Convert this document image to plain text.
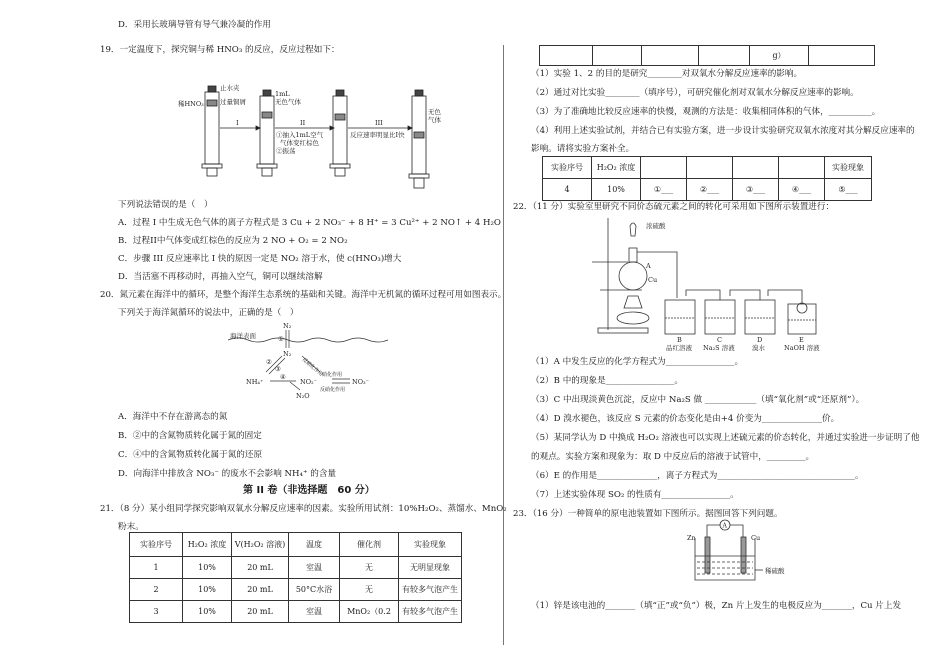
D．采用长玻璃导管有导气兼冷凝的作用
19．一定温度下，探究铜与稀 HNO₃ 的反应，反应过程如下：
止水夹
稀HNO₃ 过量铜屑
1mL
无色气体
I	II
①抽入1mL空气
气体变红棕色
②振荡
III
反应速率明显比I快
无色
气体
下列说法错误的是（　）
A．过程 I 中生成无色气体的离子方程式是 3 Cu + 2 NO₃⁻ + 8 H⁺ = 3 Cu²⁺ + 2 NO↑ + 4 H₂O
B．过程II中气体变成红棕色的反应为 2 NO + O₂ = 2 NO₂
C．步骤 III 反应速率比 I 快的原因一定是 NO₂ 溶于水，使 c(HNO₃)增大
D．当活塞不再移动时，再抽入空气，铜可以继续溶解
20．氮元素在海洋中的循环，是整个海洋生态系统的基础和关键。海洋中无机氮的循环过程可用如图表示。
下列关于海洋氮循环的说法中，正确的是（　）
N₂
海洋表面	①
N₂
②
③
④
NH₄⁺	NO₂⁻	NO₃⁻
N₂O
硝化作用
反硝化作用
反硝化作用
A．海洋中不存在游离态的氮
B．②中的含氮物质转化属于氮的固定
C．④中的含氮物质转化属于氮的还原
D．向海洋中排放含 NO₃⁻ 的废水不会影响 NH₄⁺ 的含量
第 II 卷（非选择题　60 分）
21．（8 分）某小组同学探究影响双氧水分解反应速率的因素。实验所用试剂：10%H₂O₂、蒸馏水、MnO₂
粉末。
实验序号	H₂O₂ 浓度	V(H₂O₂ 溶液)	温度	催化剂	实验现象
1	10%	20 mL	室温	无	无明显现象
2	10%	20 mL	50°C水浴	无	有较多气泡产生
3	10%	20 mL	室温	MnO₂（0.2	有较多气泡产生
				g）	
（1）实验 1、2 的目的是研究________对双氧水分解反应速率的影响。
（2）通过对比实验________（填序号），可研究催化剂对双氧水分解反应速率的影响。
（3）为了准确地比较反应速率的快慢，观测的方法是：收集相同体积的气体，__________。
（4）利用上述实验试剂，并结合已有实验方案，进一步设计实验研究双氧水浓度对其分解反应速率的
影响。请将实验方案补全。
实验序号	H₂O₂ 浓度					实验现象
4	10%	①___	②___	③___	④___	⑤___
22．（11 分）实验室里研究不同价态硫元素之间的转化可采用如下图所示装置进行：
浓硫酸
A
Cu
B
品红溶液
C
Na₂S 溶液
D
溴水
E
NaOH 溶液
（1）A 中发生反应的化学方程式为________________。
（2）B 中的现象是________________。
（3）C 中出现淡黄色沉淀，反应中 Na₂S 做 ____________（填“氧化剂”或“还原剂”）。
（4）D 溴水褪色，该反应 S 元素的价态变化是由+4 价变为______________价。
（5）某同学认为 D 中换成 H₂O₂ 溶液也可以实现上述硫元素的价态转化，并通过实验进一步证明了他
的观点。实验方案和现象为：取 D 中反应后的溶液于试管中，_________。
（6）E 的作用是______________，离子方程式为________________________________。
（7）上述实验体现 SO₂ 的性质有________________。
23．（16 分）一种简单的原电池装置如下图所示。据图回答下列问题。
A
Zn	Cu
稀硫酸
（1）锌是该电池的_______（填“正”或“负”）极，Zn 片上发生的电极反应为_______，Cu 片上发
